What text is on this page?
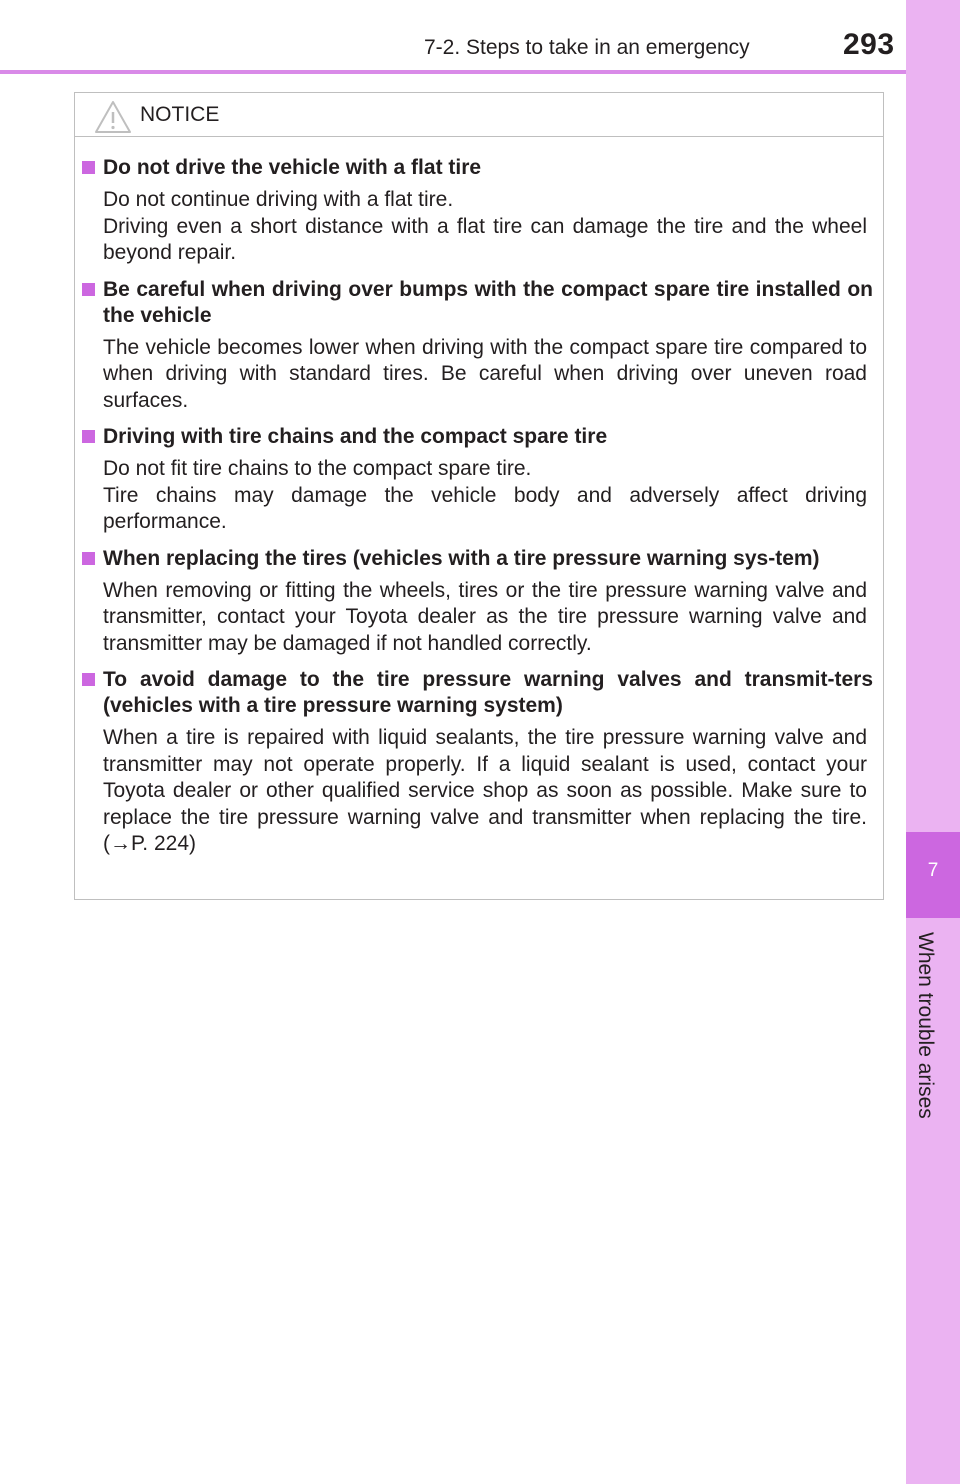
7-2. Steps to take in an emergency	293
7
When trouble arises
NOTICE
Do not drive the vehicle with a flat tire
Do not continue driving with a flat tire.
Driving even a short distance with a flat tire can damage the tire and the wheel beyond repair.
Be careful when driving over bumps with the compact spare tire installed on the vehicle
The vehicle becomes lower when driving with the compact spare tire compared to when driving with standard tires. Be careful when driving over uneven road surfaces.
Driving with tire chains and the compact spare tire
Do not fit tire chains to the compact spare tire.
Tire chains may damage the vehicle body and adversely affect driving performance.
When replacing the tires (vehicles with a tire pressure warning sys-tem)
When removing or fitting the wheels, tires or the tire pressure warning valve and transmitter, contact your Toyota dealer as the tire pressure warning valve and transmitter may be damaged if not handled correctly.
To avoid damage to the tire pressure warning valves and transmit-ters (vehicles with a tire pressure warning system)
When a tire is repaired with liquid sealants, the tire pressure warning valve and transmitter may not operate properly. If a liquid sealant is used, contact your Toyota dealer or other qualified service shop as soon as possible. Make sure to replace the tire pressure warning valve and transmitter when replacing the tire. (→P. 224)
